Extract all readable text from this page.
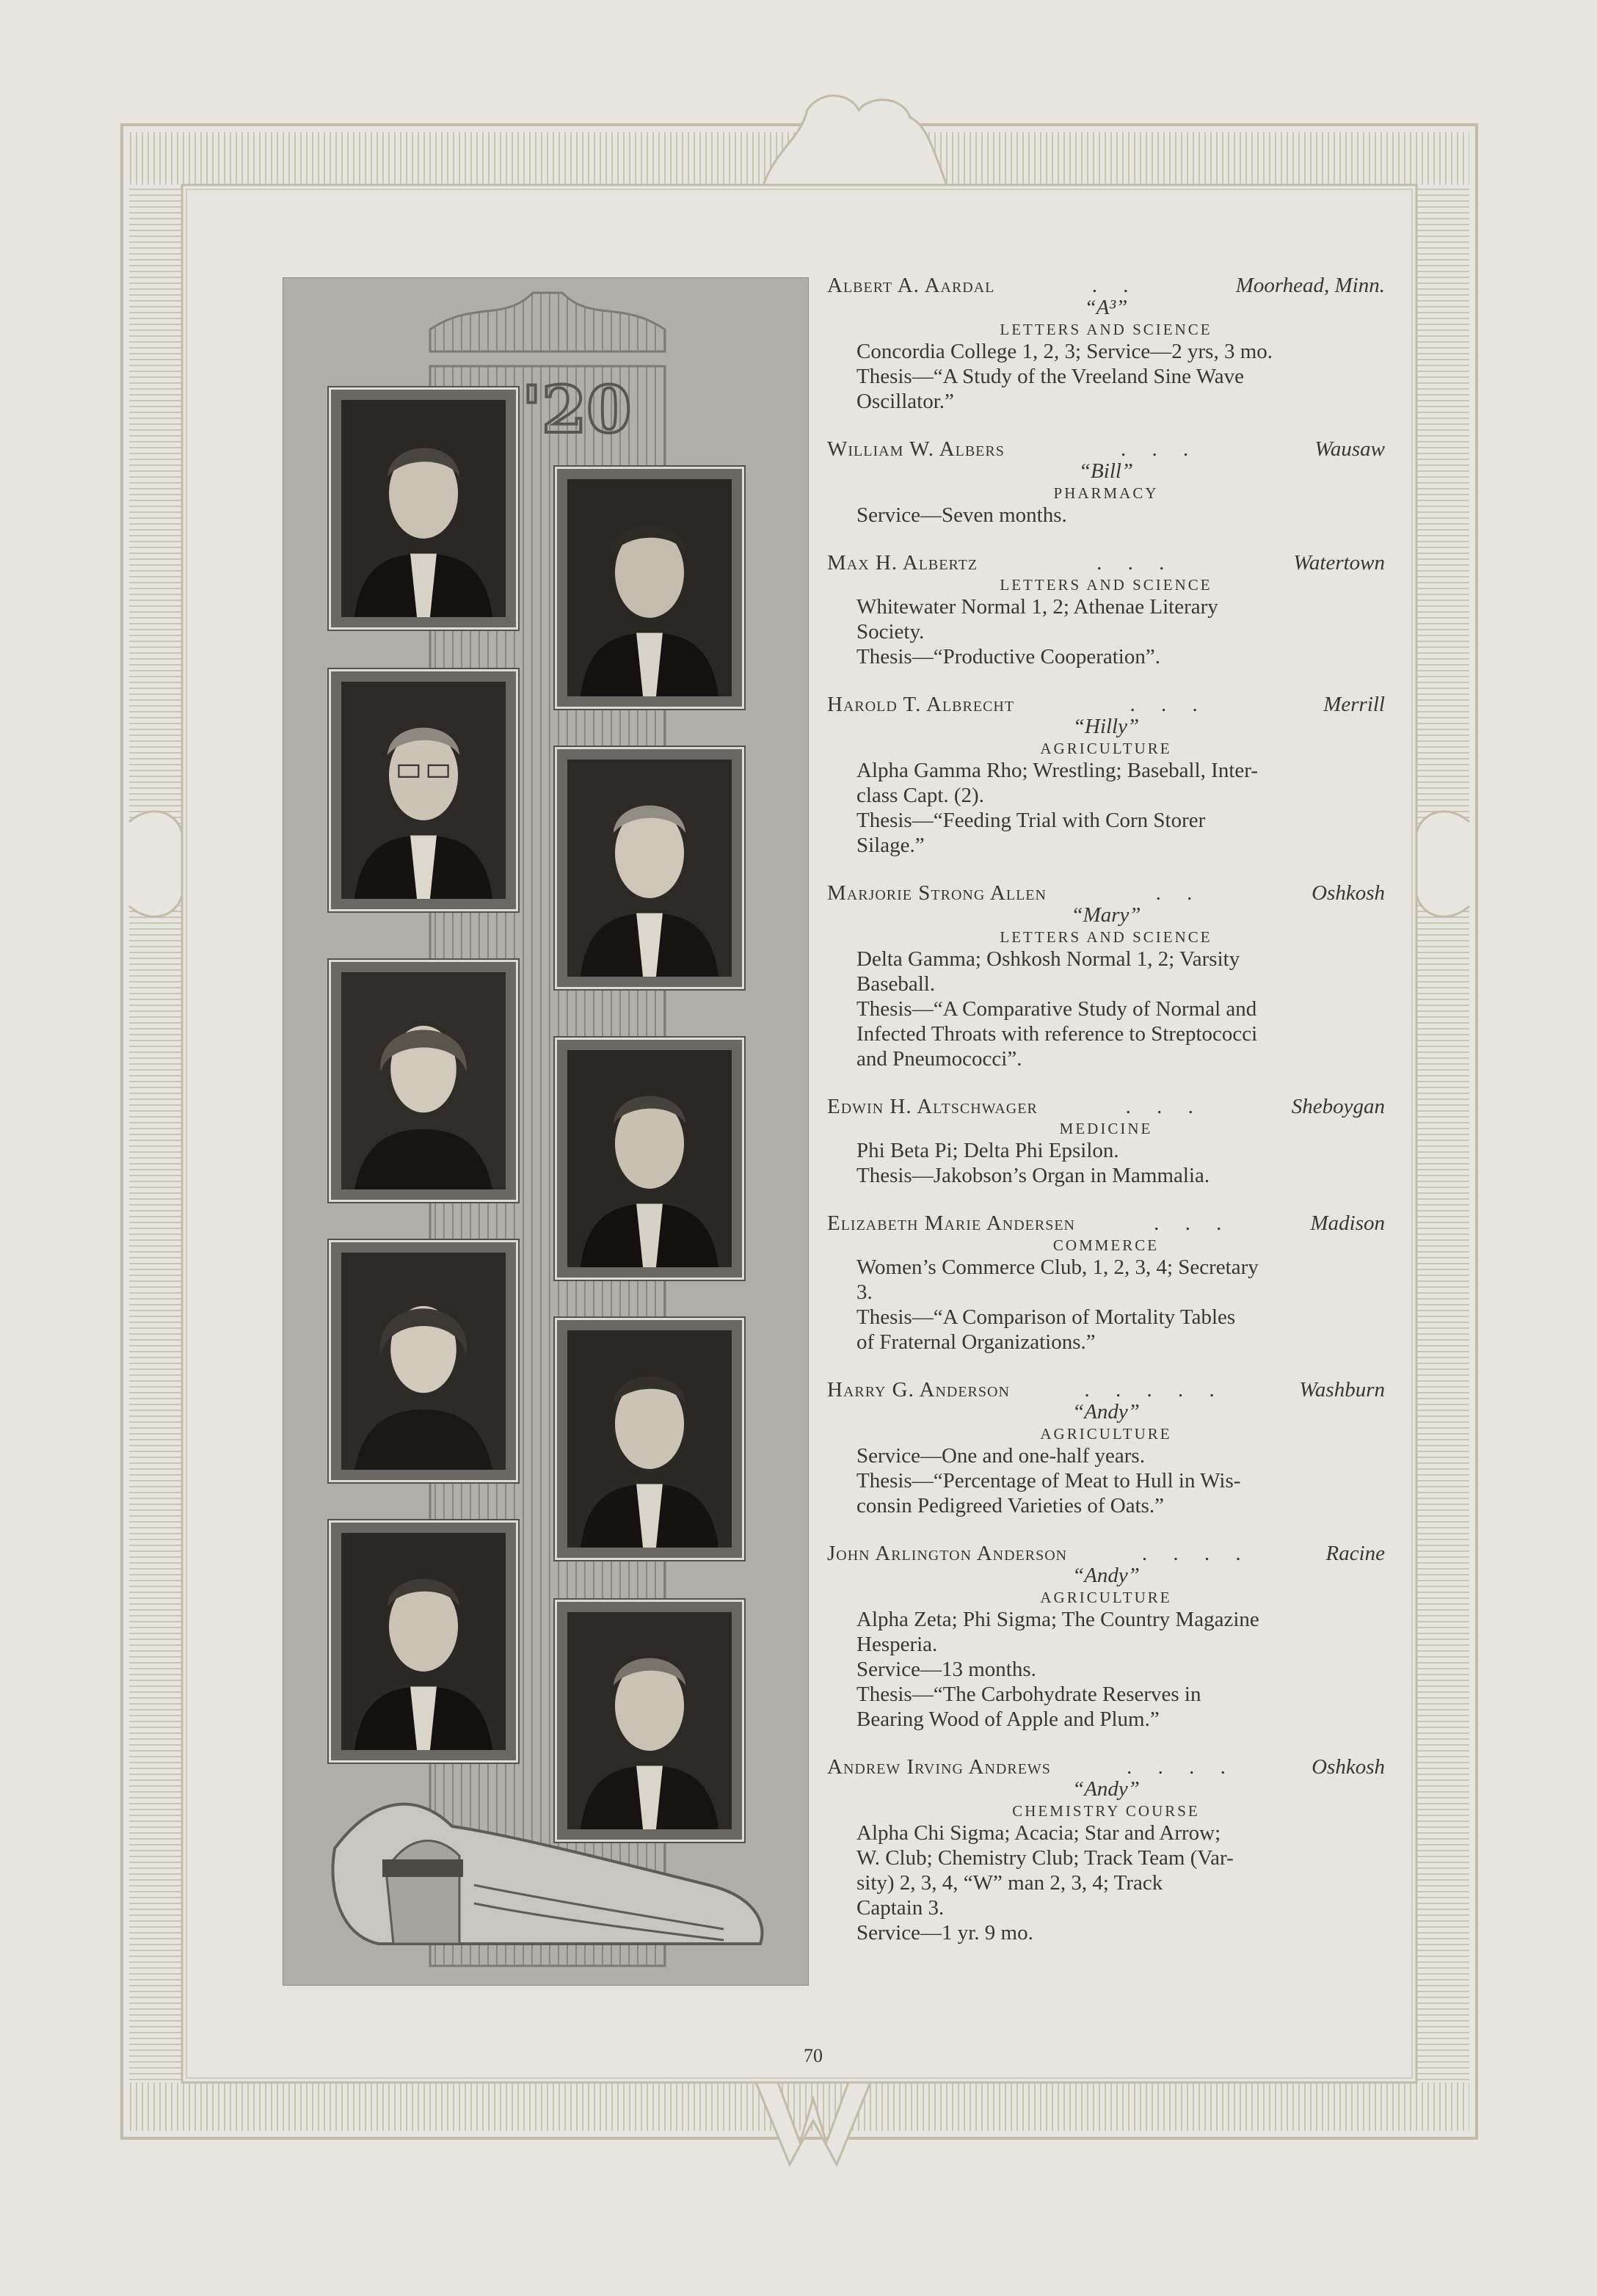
'20
Albert A. Aardal	. .	Moorhead, Minn.
“A³”
LETTERS AND SCIENCE
Concordia College 1, 2, 3; Service—2 yrs, 3 mo.
Thesis—“A Study of the Vreeland Sine Wave
Oscillator.”
William W. Albers	. . .	Wausaw
“Bill”
PHARMACY
Service—Seven months.
Max H. Albertz	. . .	Watertown
LETTERS AND SCIENCE
Whitewater Normal 1, 2; Athenae Literary
Society.
Thesis—“Productive Cooperation”.
Harold T. Albrecht	. . .	Merrill
“Hilly”
AGRICULTURE
Alpha Gamma Rho; Wrestling; Baseball, Inter-
class Capt. (2).
Thesis—“Feeding Trial with Corn Storer
Silage.”
Marjorie Strong Allen	. .	Oshkosh
“Mary”
LETTERS AND SCIENCE
Delta Gamma; Oshkosh Normal 1, 2; Varsity
Baseball.
Thesis—“A Comparative Study of Normal and
Infected Throats with reference to Streptococci
and Pneumococci”.
Edwin H. Altschwager	. . .	Sheboygan
MEDICINE
Phi Beta Pi; Delta Phi Epsilon.
Thesis—Jakobson’s Organ in Mammalia.
Elizabeth Marie Andersen	. . .	Madison
COMMERCE
Women’s Commerce Club, 1, 2, 3, 4; Secretary
3.
Thesis—“A Comparison of Mortality Tables
of Fraternal Organizations.”
Harry G. Anderson	. . . . .	Washburn
“Andy”
AGRICULTURE
Service—One and one-half years.
Thesis—“Percentage of Meat to Hull in Wis-
consin Pedigreed Varieties of Oats.”
John Arlington Anderson	. . . .	Racine
“Andy”
AGRICULTURE
Alpha Zeta; Phi Sigma; The Country Magazine
Hesperia.
Service—13 months.
Thesis—“The Carbohydrate Reserves in
Bearing Wood of Apple and Plum.”
Andrew Irving Andrews	. . . .	Oshkosh
“Andy”
CHEMISTRY COURSE
Alpha Chi Sigma; Acacia; Star and Arrow;
W. Club; Chemistry Club; Track Team (Var-
sity) 2, 3, 4, “W” man 2, 3, 4; Track
Captain 3.
Service—1 yr. 9 mo.
70
